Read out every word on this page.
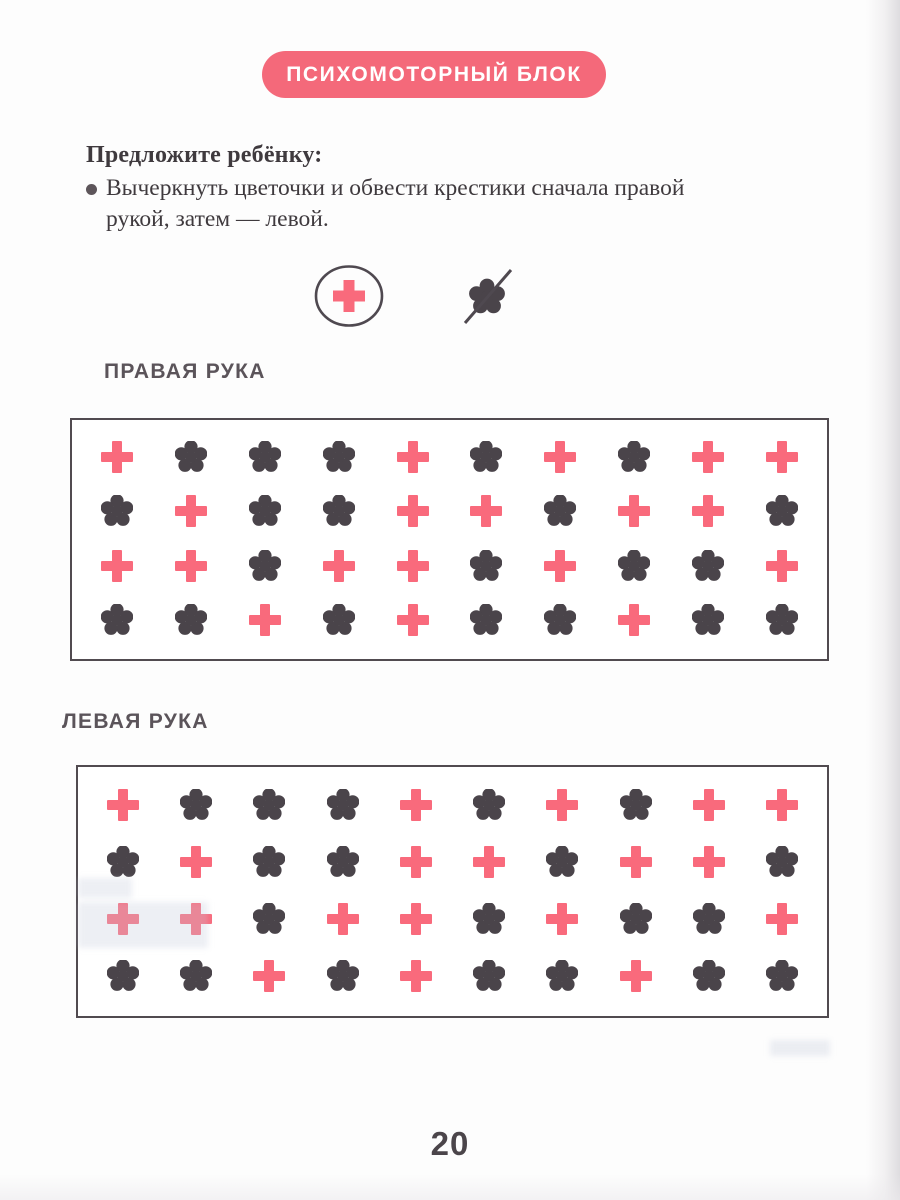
ПСИХОМОТОРНЫЙ БЛОК

Предложите ребёнку:

Вычеркнуть цветочки и обвести крестики сначала правой рукой, затем — левой.
ПРАВАЯ РУКА
ЛЕВАЯ РУКА
20
